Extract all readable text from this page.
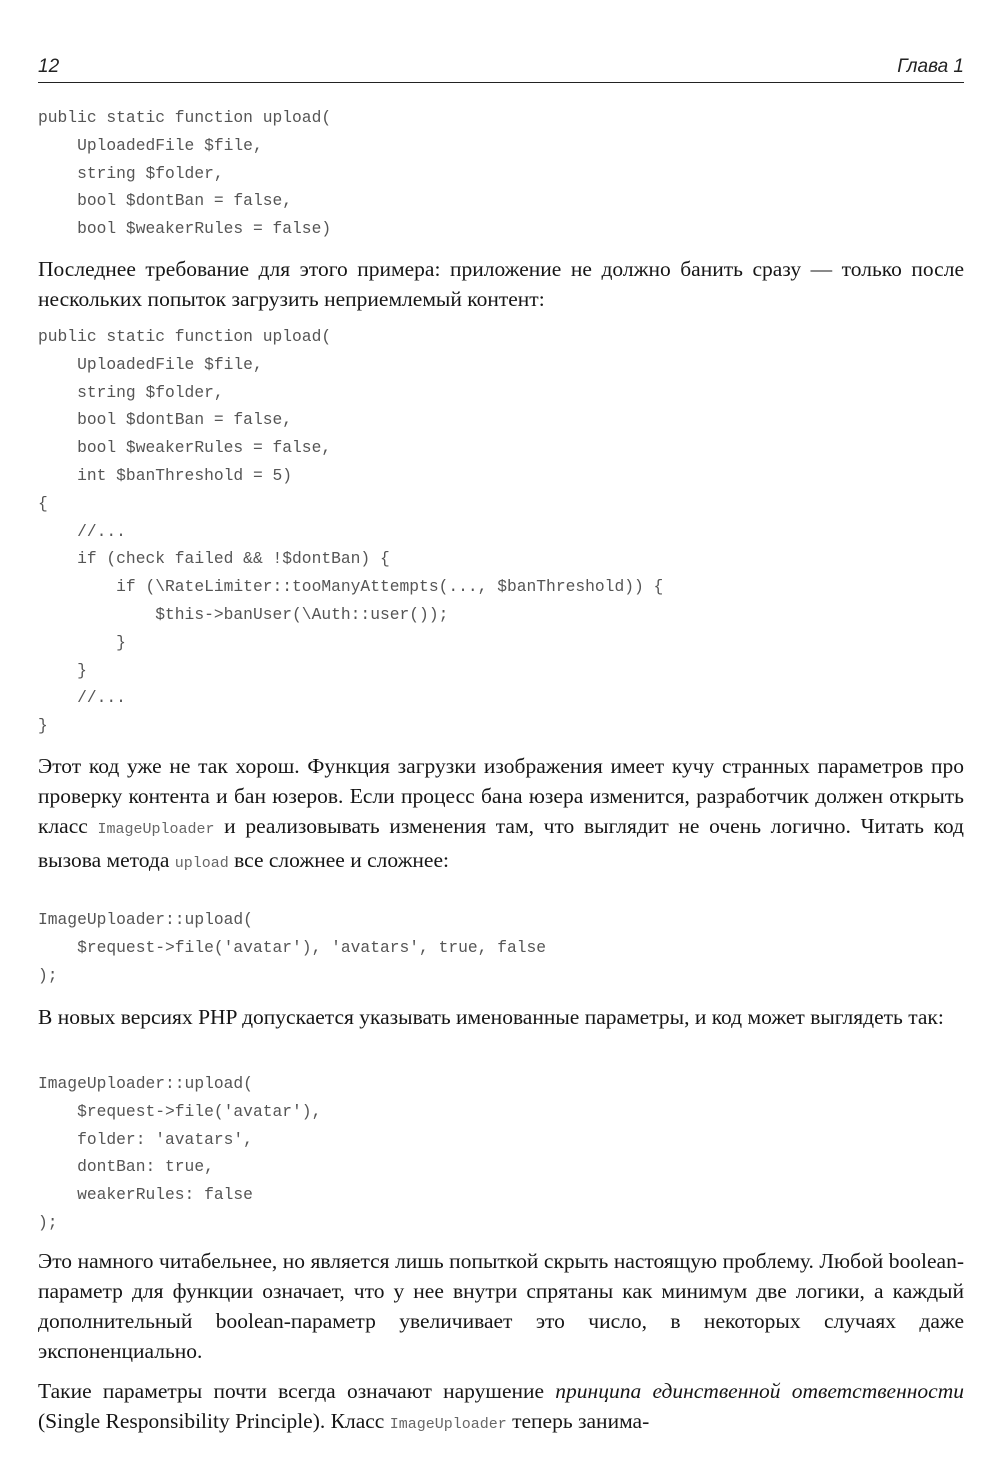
12	Глава 1
public static function upload(
UploadedFile $file,
string $folder,
bool $dontBan = false,
bool $weakerRules = false)

Последнее требование для этого примера: приложение не должно банить сразу — только после нескольких попыток загрузить неприемлемый контент:

public static function upload(
UploadedFile $file,
string $folder,
bool $dontBan = false,
bool $weakerRules = false,
int $banThreshold = 5)
{
//...
if (check failed && !$dontBan) {
if (\RateLimiter::tooManyAttempts(..., $banThreshold)) {
$this->banUser(\Auth::user());
}
}
//...
}

Этот код уже не так хорош. Функция загрузки изображения имеет кучу странных параметров про проверку контента и бан юзеров. Если процесс бана юзера изменится, разработчик должен открыть класс ImageUploader и реализовывать изменения там, что выглядит не очень логично. Читать код вызова метода upload все сложнее и сложнее:

ImageUploader::upload(
$request->file('avatar'), 'avatars', true, false
);

В новых версиях PHP допускается указывать именованные параметры, и код может выглядеть так:

ImageUploader::upload(
$request->file('avatar'),
folder: 'avatars',
dontBan: true,
weakerRules: false
);

Это намного читабельнее, но является лишь попыткой скрыть настоящую проблему. Любой boolean-параметр для функции означает, что у нее внутри спрятаны как минимум две логики, а каждый дополнительный boolean-параметр увеличивает это число, в некоторых случаях даже экспоненциально.

Такие параметры почти всегда означают нарушение принципа единственной ответственности (Single Responsibility Principle). Класс ImageUploader теперь занима-
